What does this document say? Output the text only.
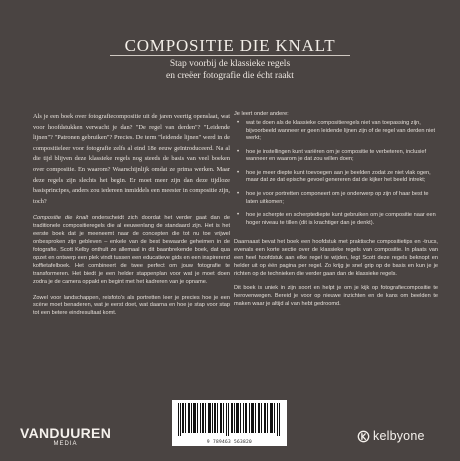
COMPOSITIE DIE KNALT
Stap voorbij de klassieke regels
en creëer fotografie die écht raakt

Als je een boek over fotografiecompositie uit de jaren veertig openslaat, wat voor hoofdstukken verwacht je dan? "De regel van derden"? "Leidende lijnen"? "Patronen gebruiken"? Precies. De term "leidende lijnen" werd in de compositieleer voor fotografie zelfs al eind 18e eeuw geïntroduceerd. Na al die tijd blijven deze klassieke regels nog steeds de basis van veel boeken over compositie. En waarom? Waarschijnlijk omdat ze prima werken. Maar deze regels zijn slechts het begin. Er moet meer zijn dan deze tijdloze basisprincipes, anders zou iedereen inmiddels een meester in compositie zijn, toch?

Compositie die knalt onderscheidt zich doordat het verder gaat dan de traditionele compositieregels die al eeuwenlang de standaard zijn. Het is het eerste boek dat je meeneemt naar de concepten die tot nu toe vrijwel onbesproken zijn gebleven – enkele van de best bewaarde geheimen in de fotografie. Scott Kelby onthult ze allemaal in dit baanbrekende boek, dat qua opzet en ontwerp een plek vindt tussen een educatieve gids en een inspirerend koffietafelboek. Het combineert de twee perfect om jouw fotografie te transformeren. Het biedt je een helder stappenplan voor wat je moet doen zodra je de camera oppakt en begint met het kadreren van je opname.

Zowel voor landschappen, reisfoto's als portretten leer je precies hoe je een scène moet benaderen, wat je eerst doet, wat daarna en hoe je stap voor stap tot een betere eindresultaat komt.

Je leert onder andere:

• wat te doen als de klassieke compositieregels niet van toepassing zijn, bijvoorbeeld wanneer er geen leidende lijnen zijn of de regel van derden niet werkt;
• hoe je instellingen kunt variëren om je compositie te verbeteren, inclusief wanneer en waarom je dat zou willen doen;
• hoe je meer diepte kunt toevoegen aan je beelden zodat ze niet vlak ogen, maar dat ze dat epische gevoel genereren dat de kijker het beeld intrekt;
• hoe je voor portretten componeert om je onderwerp op zijn of haar best te laten uitkomen;
• hoe je scherpte en scherptediepte kunt gebruiken om je compositie naar een hoger niveau te tillen (dit is krachtiger dan je denkt).

Daarnaast bevat het boek een hoofdstuk met praktische compositietips en -trucs, evenals een korte sectie over de klassieke regels van compositie. In plaats van een heel hoofdstuk aan elke regel te wijden, legt Scott deze regels beknopt en helder uit op één pagina per regel. Zo krijg je snel grip op de basis en kun je je richten op de technieken die verder gaan dan de klassieke regels.

Dit boek is uniek in zijn soort en helpt je om je kijk op fotografiecompositie te herovenwegen. Bereid je voor op nieuwe inzichten en de kans om beelden te maken waar je altijd al van hebt gedroomd.

VANDUUREN
MEDIA	9 789463 563820	kelbyone
